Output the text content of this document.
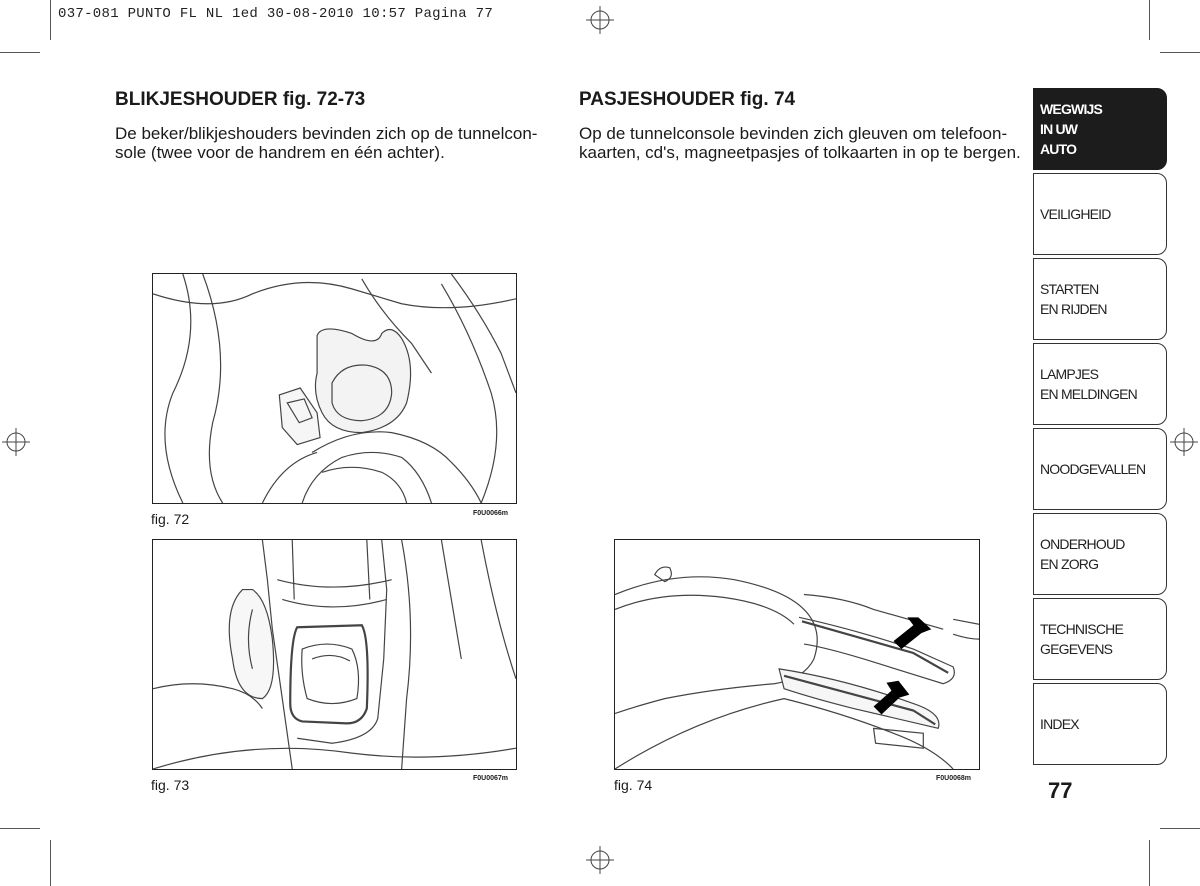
037-081 PUNTO FL NL 1ed 30-08-2010 10:57 Pagina 77
BLIKJESHOUDER fig. 72-73

De beker/blikjeshouders bevinden zich op de tunnelcon-

sole (twee voor de handrem en één achter).

PASJESHOUDER fig. 74

Op de tunnelconsole bevinden zich gleuven om telefoon-

kaarten, cd's, magneetpasjes of tolkaarten in op te bergen.

fig. 72	F0U0066m
fig. 73	F0U0067m	fig. 74	F0U0068m
WEGWIJS
IN UW
AUTO
VEILIGHEID
STARTEN
EN RIJDEN
LAMPJES
EN MELDINGEN
NOODGEVALLEN
ONDERHOUD
EN ZORG
TECHNISCHE
GEGEVENS
INDEX
77
